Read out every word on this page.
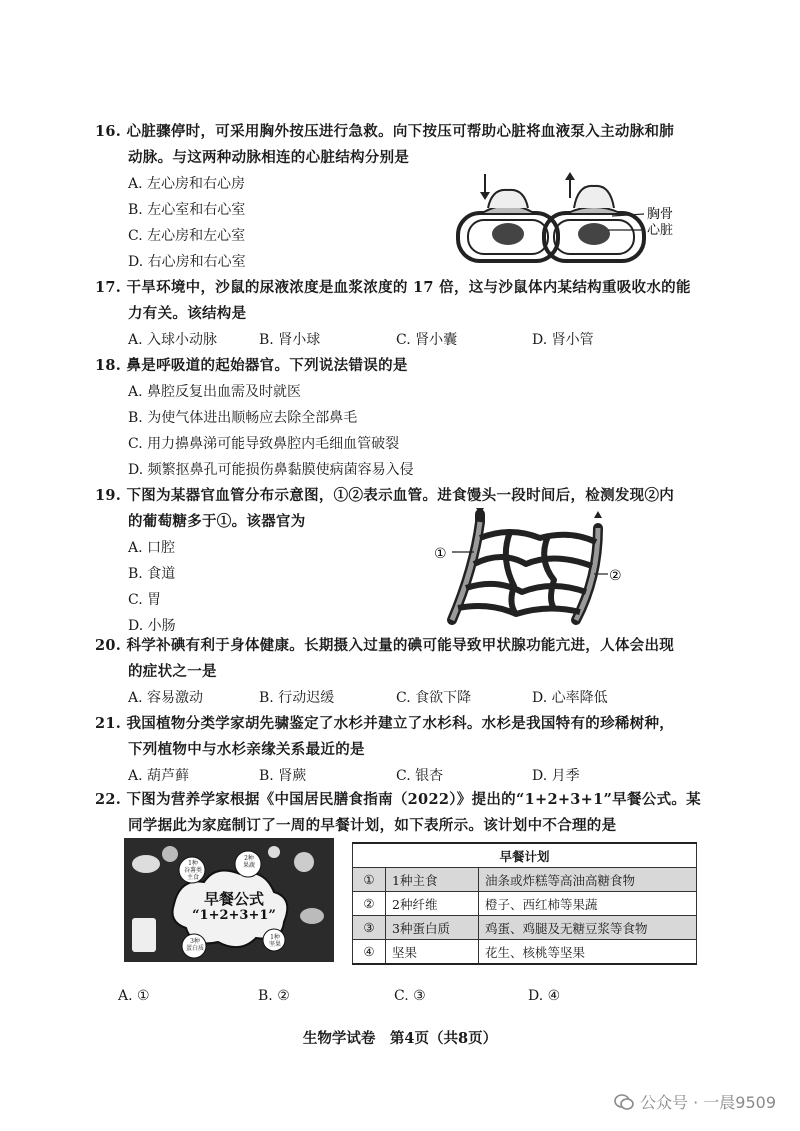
16. 心脏骤停时，可采用胸外按压进行急救。向下按压可帮助心脏将血液泵入主动脉和肺
动脉。与这两种动脉相连的心脏结构分别是
A. 左心房和右心房
B. 左心室和右心室
C. 左心房和左心室
D. 右心房和右心室
胸骨
心脏
17. 干旱环境中，沙鼠的尿液浓度是血浆浓度的 17 倍，这与沙鼠体内某结构重吸收水的能
力有关。该结构是
A. 入球小动脉	B. 肾小球	C. 肾小囊	D. 肾小管
18. 鼻是呼吸道的起始器官。下列说法错误的是
A. 鼻腔反复出血需及时就医
B. 为使气体进出顺畅应去除全部鼻毛
C. 用力擤鼻涕可能导致鼻腔内毛细血管破裂
D. 频繁抠鼻孔可能损伤鼻黏膜使病菌容易入侵
19. 下图为某器官血管分布示意图，①②表示血管。进食馒头一段时间后，检测发现②内
的葡萄糖多于①。该器官为
A. 口腔
B. 食道
C. 胃
D. 小肠
①
②
20. 科学补碘有利于身体健康。长期摄入过量的碘可能导致甲状腺功能亢进，人体会出现
的症状之一是
A. 容易激动	B. 行动迟缓	C. 食欲下降	D. 心率降低
21. 我国植物分类学家胡先骕鉴定了水杉并建立了水杉科。水杉是我国特有的珍稀树种，
下列植物中与水杉亲缘关系最近的是
A. 葫芦藓	B. 肾蕨	C. 银杏	D. 月季
22. 下图为营养学家根据《中国居民膳食指南（2022）》提出的“1+2+3+1”早餐公式。某
同学据此为家庭制订了一周的早餐计划，如下表所示。该计划中不合理的是
1种
谷薯类
主食
2种
果蔬
3种
蛋白质
1种
坚果
早餐公式
“1+2+3+1”
早餐计划		
①	1种主食	油条或炸糕等高油高糖食物
②	2种纤维	橙子、西红柿等果蔬
③	3种蛋白质	鸡蛋、鸡腿及无糖豆浆等食物
④	坚果	花生、核桃等坚果
A. ①	B. ②	C. ③	D. ④
生物学试卷　第4页（共8页）
公众号 · 一晨9509
